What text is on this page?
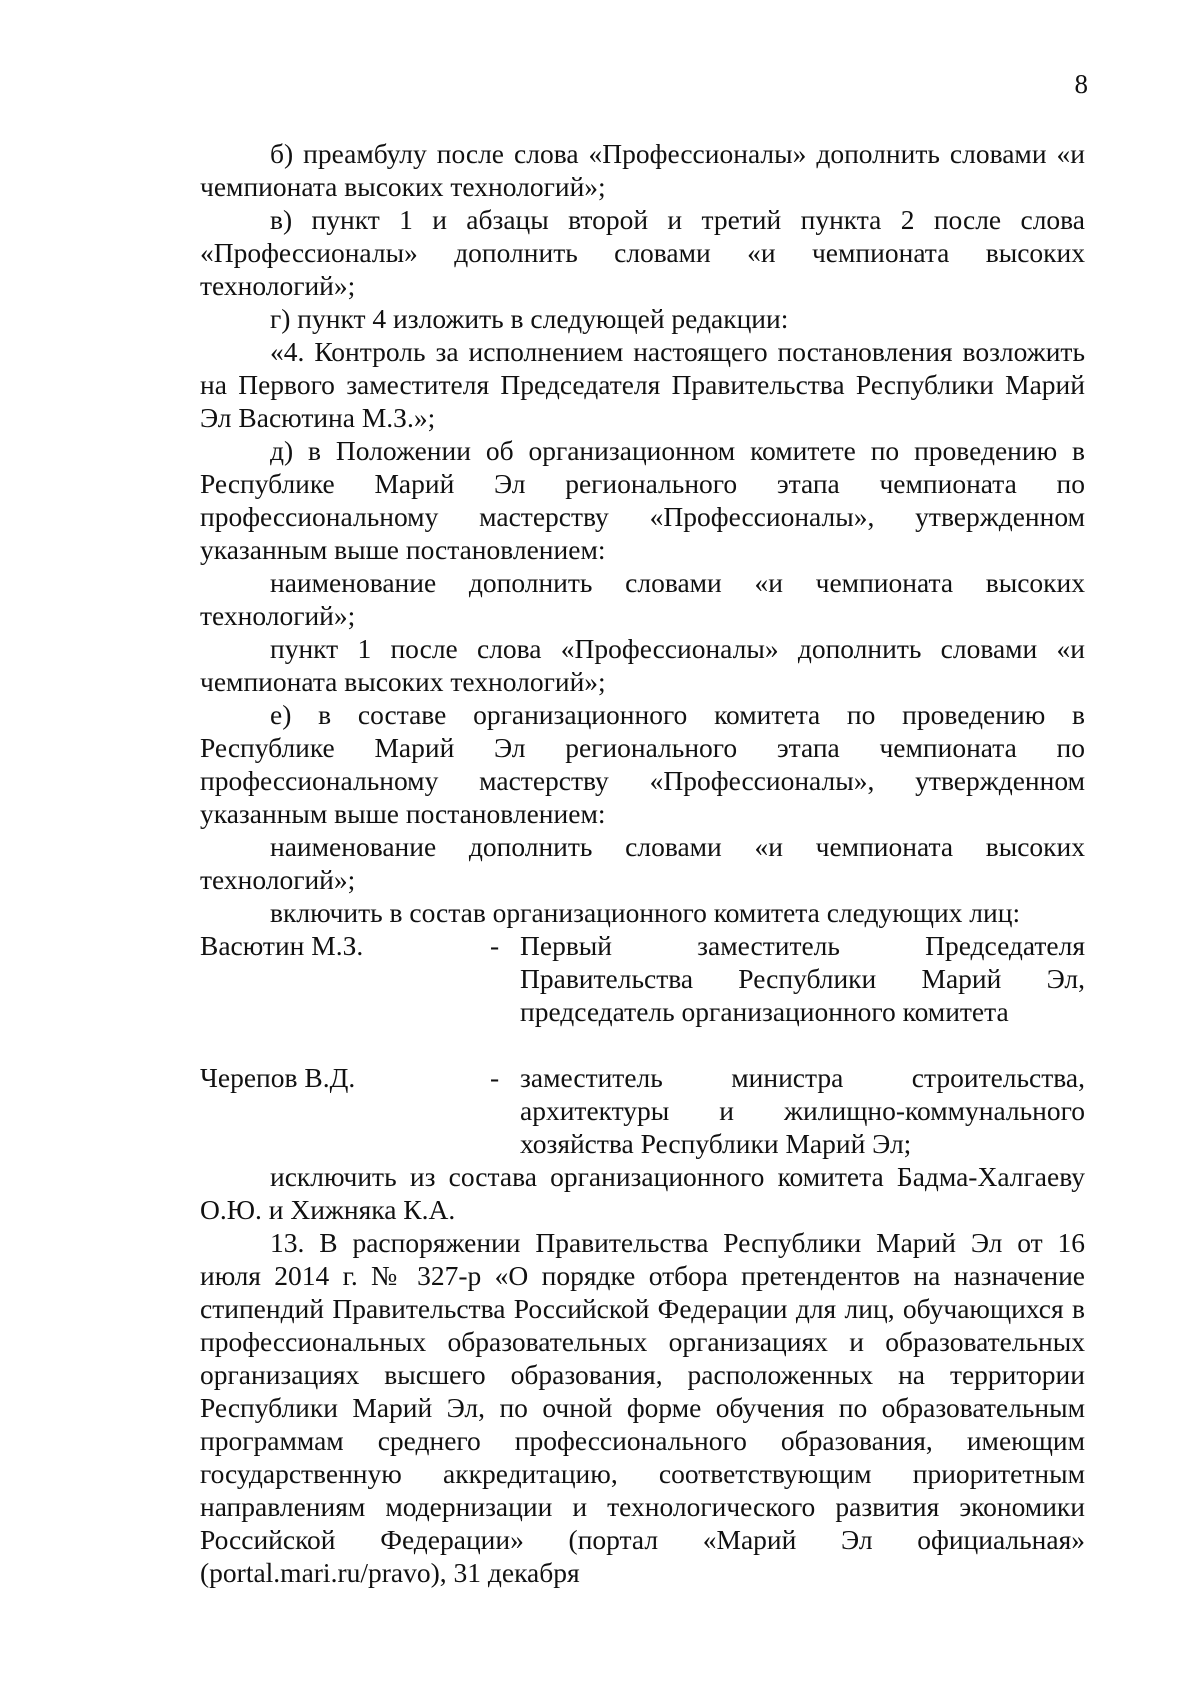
8

б) преамбулу после слова «Профессионалы» дополнить словами «и чемпионата высоких технологий»;

в) пункт 1 и абзацы второй и третий пункта 2 после слова «Профессионалы» дополнить словами «и чемпионата высоких технологий»;

г) пункт 4 изложить в следующей редакции:

«4. Контроль за исполнением настоящего постановления возложить на Первого заместителя Председателя Правительства Республики Марий Эл Васютина М.З.»;

д) в Положении об организационном комитете по проведению в Республике Марий Эл регионального этапа чемпионата по профессиональному мастерству «Профессионалы», утвержденном указанным выше постановлением:

наименование дополнить словами «и чемпионата высоких технологий»;

пункт 1 после слова «Профессионалы» дополнить словами «и чемпионата высоких технологий»;

е) в составе организационного комитета по проведению в Республике Марий Эл регионального этапа чемпионата по профессиональному мастерству «Профессионалы», утвержденном указанным выше постановлением:

наименование дополнить словами «и чемпионата высоких технологий»;

включить в состав организационного комитета следующих лиц:

Васютин М.З.	- Первый заместитель Председателя Правительства Республики Марий Эл, председатель организационного комитета
Черепов В.Д.	- заместитель министра строительства, архитектуры и жилищно-коммунального хозяйства Республики Марий Эл;

исключить из состава организационного комитета Бадма-Халгаеву О.Ю. и Хижняка К.А.

13. В распоряжении Правительства Республики Марий Эл от 16 июля 2014 г. № 327-р «О порядке отбора претендентов на назначение стипендий Правительства Российской Федерации для лиц, обучающихся в профессиональных образовательных организациях и образовательных организациях высшего образования, расположенных на территории Республики Марий Эл, по очной форме обучения по образовательным программам среднего профессионального образования, имеющим государственную аккредитацию, соответствующим приоритетным направлениям модернизации и технологического развития экономики Российской Федерации» (портал «Марий Эл официальная» (portal.mari.ru/pravo), 31 декабря
